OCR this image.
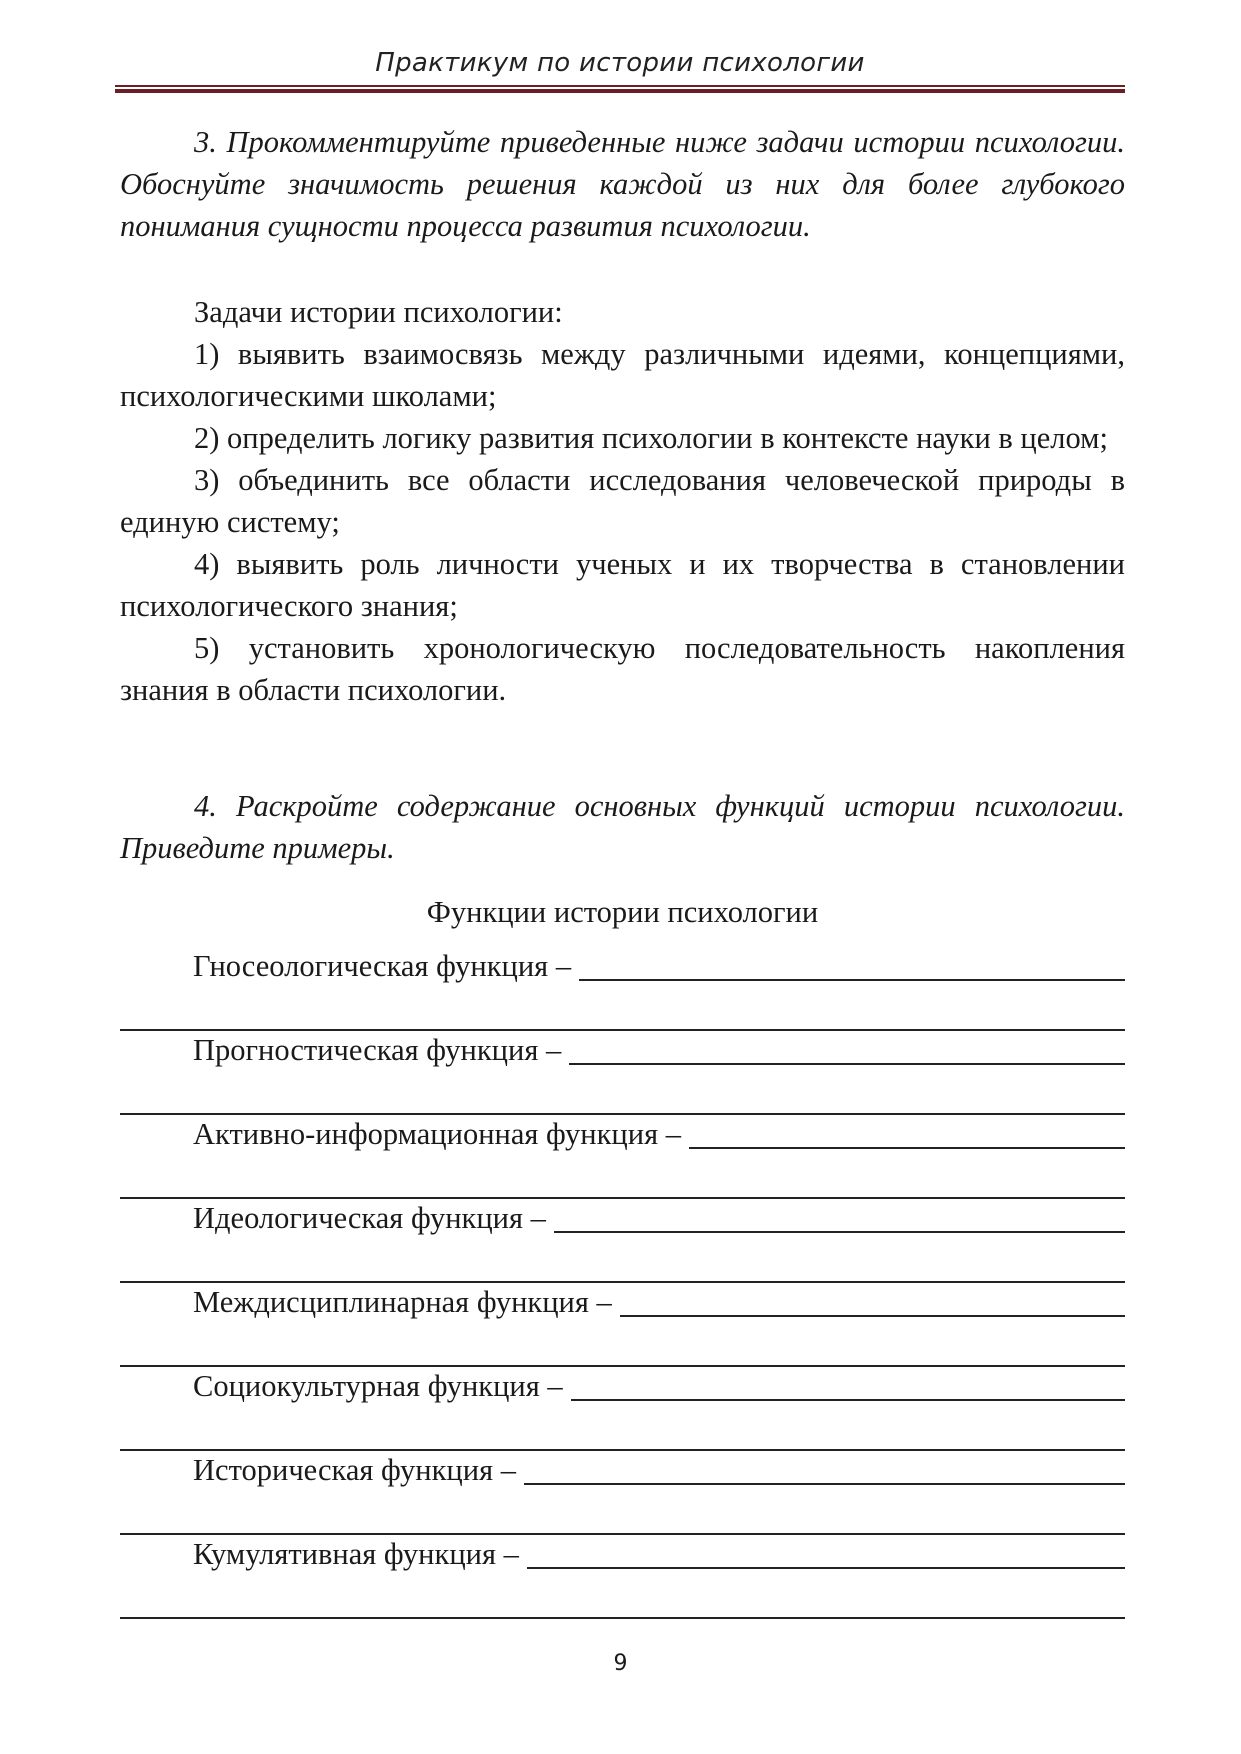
Практикум по истории психологии

3. Прокомментируйте приведенные ниже задачи истории психологии. Обоснуйте значимость решения каждой из них для более глубокого понимания сущности процесса развития психологии.

Задачи истории психологии:

1) выявить взаимосвязь между различными идеями, концепциями, психологическими школами;

2) определить логику развития психологии в контексте науки в целом;

3) объединить все области исследования человеческой природы в единую систему;

4) выявить роль личности ученых и их творчества в становлении психологического знания;

5) установить хронологическую последовательность накопления знания в области психологии.

4. Раскройте содержание основных функций истории психологии. Приведите примеры.

Функции истории психологии
Гносеологическая функция –
Прогностическая функция –
Активно-информационная функция –
Идеологическая функция –
Междисциплинарная функция –
Социокультурная функция –
Историческая функция –
Кумулятивная функция –
9
